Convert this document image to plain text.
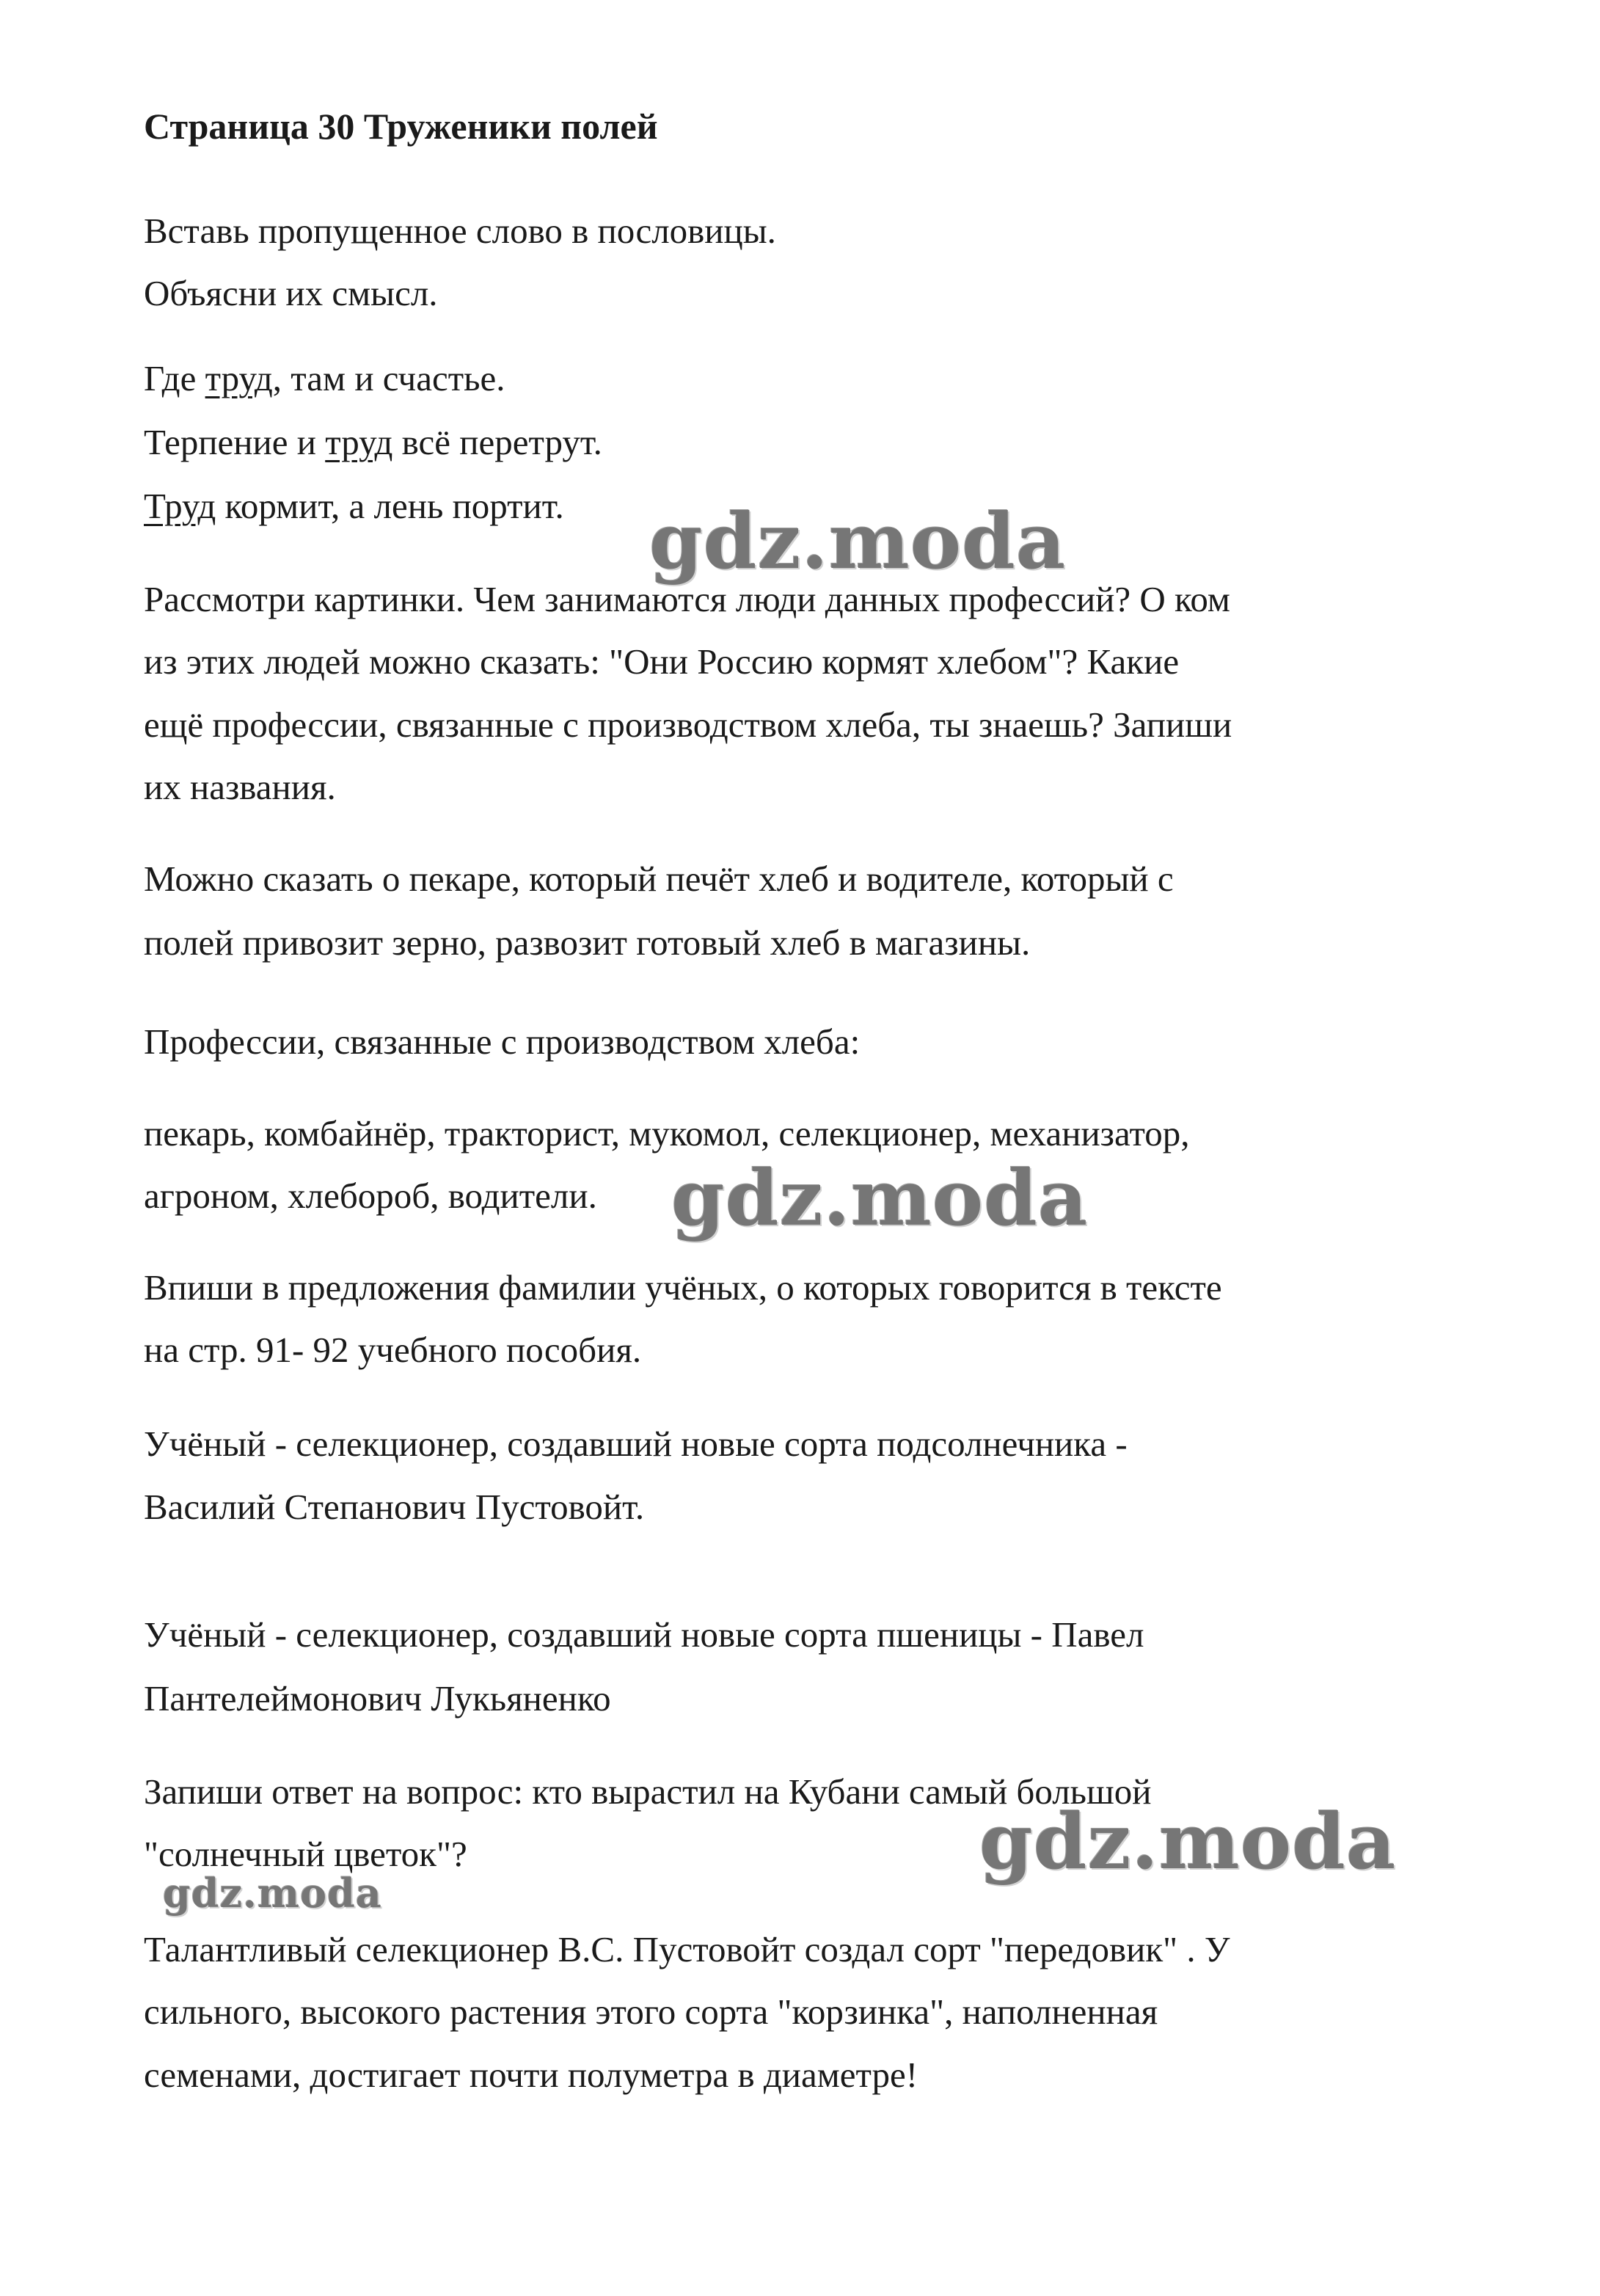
Страница 30 Труженики полей
Вставь пропущенное слово в пословицы.
Объясни их смысл.
Где труд, там и счастье.
Терпение и труд всё перетрут.
Труд кормит, а лень портит.
Рассмотри картинки. Чем занимаются люди данных профессий? О ком
из этих людей можно сказать: "Они Россию кормят хлебом"? Какие
ещё профессии, связанные с производством хлеба, ты знаешь? Запиши
их названия.
Можно сказать о пекаре, который печёт хлеб и водителе, который с
полей привозит зерно, развозит готовый хлеб в магазины.
Профессии, связанные с производством хлеба:
пекарь, комбайнёр, тракторист, мукомол, селекционер, механизатор,
агроном, хлебороб, водители.
Впиши в предложения фамилии учёных, о которых говорится в тексте
на стр. 91- 92 учебного пособия.
Учёный - селекционер, создавший новые сорта подсолнечника -
Василий Степанович Пустовойт.
Учёный - селекционер, создавший новые сорта пшеницы - Павел
Пантелеймонович Лукьяненко
Запиши ответ на вопрос: кто вырастил на Кубани самый большой
"солнечный цветок"?
Талантливый селекционер В.С. Пустовойт создал сорт "передовик" . У
сильного, высокого растения этого сорта "корзинка", наполненная
семенами, достигает почти полуметра в диаметре!
gdz.moda
gdz.moda
gdz.moda
gdz.moda
